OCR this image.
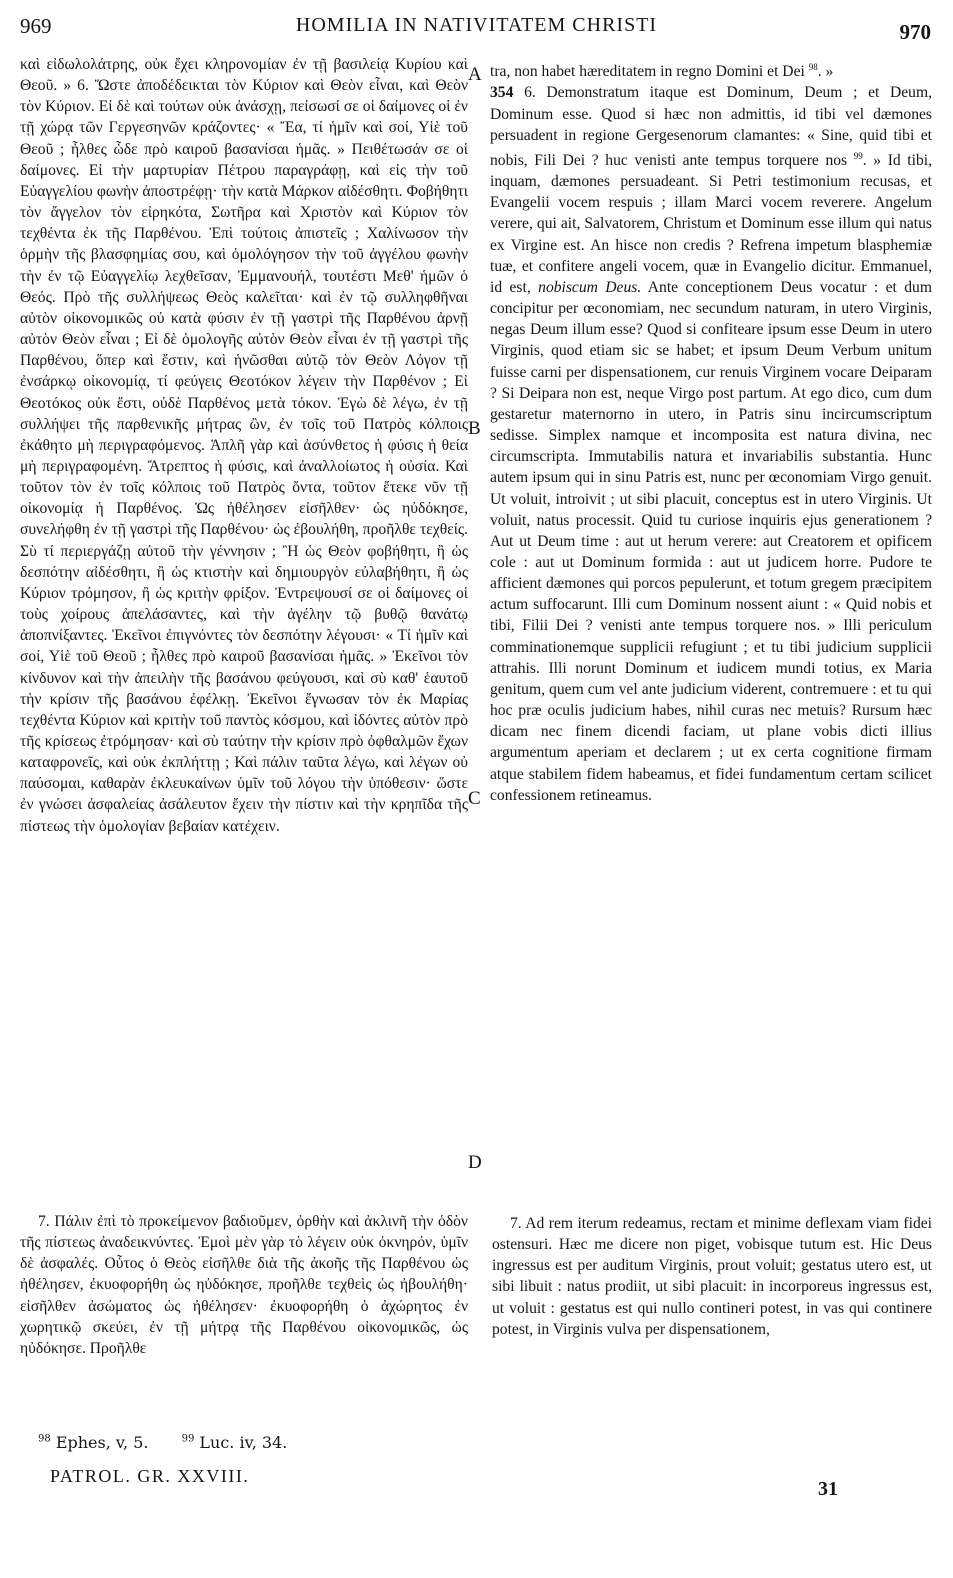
969	HOMILIA IN NATIVITATEM CHRISTI	970

καὶ εἰδωλολάτρης, οὐκ ἔχει κληρονομίαν ἐν τῇ βασιλείᾳ Κυρίου καὶ Θεοῦ. » 6. Ὥστε ἀποδέδεικται τὸν Κύριον καὶ Θεὸν εἶναι, καὶ Θεὸν τὸν Κύριον. Εἰ δὲ καὶ τούτων οὐκ ἀνάσχῃ, πείσωσί σε οἱ δαίμονες οἱ ἐν τῇ χώρᾳ τῶν Γεργεσηνῶν κράζοντες· « Ἔα, τί ἡμῖν καὶ σοί, Υἱὲ τοῦ Θεοῦ ; ἦλθες ὧδε πρὸ καιροῦ βασανίσαι ἡμᾶς. » Πειθέτωσάν σε οἱ δαίμονες. Εἰ τὴν μαρτυρίαν Πέτρου παραγράφῃ, καὶ εἰς τὴν τοῦ Εὐαγγελίου φωνὴν ἀποστρέφῃ· τὴν κατὰ Μάρκον αἰδέσθητι. Φοβήθητι τὸν ἄγγελον τὸν εἰρηκότα, Σωτῆρα καὶ Χριστὸν καὶ Κύριον τὸν τεχθέντα ἐκ τῆς Παρθένου. Ἐπὶ τούτοις ἀπιστεῖς ; Χαλίνωσον τὴν ὁρμὴν τῆς βλασφημίας σου, καὶ ὁμολόγησον τὴν τοῦ ἀγγέλου φωνὴν τὴν ἐν τῷ Εὐαγγελίῳ λεχθεῖσαν, Ἐμμανουήλ, τουτέστι Μεθ' ἡμῶν ὁ Θεός. Πρὸ τῆς συλλήψεως Θεὸς καλεῖται· καὶ ἐν τῷ συλληφθῆναι αὐτὸν οἰκονομικῶς οὐ κατὰ φύσιν ἐν τῇ γαστρὶ τῆς Παρθένου ἀρνῇ αὐτὸν Θεὸν εἶναι ; Εἰ δὲ ὁμολογῆς αὐτὸν Θεὸν εἶναι ἐν τῇ γαστρὶ τῆς Παρθένου, ὅπερ καὶ ἔστιν, καὶ ἡνῶσθαι αὐτῷ τὸν Θεὸν Λόγον τῇ ἐνσάρκῳ οἰκονομίᾳ, τί φεύγεις Θεοτόκον λέγειν τὴν Παρθένον ; Εἰ Θεοτόκος οὐκ ἔστι, οὐδὲ Παρθένος μετὰ τόκον. Ἐγὼ δὲ λέγω, ἐν τῇ συλλήψει τῆς παρθενικῆς μήτρας ὢν, ἐν τοῖς τοῦ Πατρὸς κόλποις ἐκάθητο μὴ περιγραφόμενος. Ἁπλῆ γὰρ καὶ ἀσύνθετος ἡ φύσις ἡ θεία μὴ περιγραφομένη. Ἄτρεπτος ἡ φύσις, καὶ ἀναλλοίωτος ἡ οὐσία. Καὶ τοῦτον τὸν ἐν τοῖς κόλποις τοῦ Πατρὸς ὄντα, τοῦτον ἔτεκε νῦν τῇ οἰκονομίᾳ ἡ Παρθένος. Ὡς ἠθέλησεν εἰσῆλθεν· ὡς ηὐδόκησε, συνελήφθη ἐν τῇ γαστρὶ τῆς Παρθένου· ὡς ἐβουλήθη, προῆλθε τεχθείς. Σὺ τί περιεργάζῃ αὐτοῦ τὴν γέννησιν ; Ἢ ὡς Θεὸν φοβήθητι, ἢ ὡς δεσπότην αἰδέσθητι, ἢ ὡς κτιστὴν καὶ δημιουργὸν εὐλαβήθητι, ἢ ὡς Κύριον τρόμησον, ἢ ὡς κριτὴν φρίξον. Ἐντρεψουσί σε οἱ δαίμονες οἱ τοὺς χοίρους ἀπελάσαντες, καὶ τὴν ἀγέλην τῷ βυθῷ θανάτῳ ἀποπνίξαντες. Ἐκεῖνοι ἐπιγνόντες τὸν δεσπότην λέγουσι· « Τί ἡμῖν καὶ σοί, Υἱὲ τοῦ Θεοῦ ; ἦλθες πρὸ καιροῦ βασανίσαι ἡμᾶς. » Ἐκεῖνοι τὸν κίνδυνον καὶ τὴν ἀπειλὴν τῆς βασάνου φεύγουσι, καὶ σὺ καθ' ἑαυτοῦ τὴν κρίσιν τῆς βασάνου ἐφέλκῃ. Ἐκεῖνοι ἔγνωσαν τὸν ἐκ Μαρίας τεχθέντα Κύριον καὶ κριτὴν τοῦ παντὸς κόσμου, καὶ ἰδόντες αὐτὸν πρὸ τῆς κρίσεως ἐτρόμησαν· καὶ σὺ ταύτην τὴν κρίσιν πρὸ ὀφθαλμῶν ἔχων καταφρονεῖς, καὶ οὐκ ἐκπλήττῃ ; Καὶ πάλιν ταῦτα λέγω, καὶ λέγων οὐ παύσομαι, καθαρὰν ἐκλευκαίνων ὑμῖν τοῦ λόγου τὴν ὑπόθεσιν· ὥστε ἐν γνώσει ἀσφαλείας ἀσάλευτον ἔχειν τὴν πίστιν καὶ τὴν κρηπῖδα τῆς πίστεως τὴν ὁμολογίαν βεβαίαν κατέχειν.

tra, non habet hæreditatem in regno Domini et Dei $^{98}$. »
354 6. Demonstratum itaque est Dominum, Deum ; et Deum, Dominum esse. Quod si hæc non admittis, id tibi vel dæmones persuadent in regione Gergesenorum clamantes: « Sine, quid tibi et nobis, Fili Dei ? huc venisti ante tempus torquere nos $^{99}$. » Id tibi, inquam, dæmones persuadeant. Si Petri testimonium recusas, et Evangelii vocem respuis ; illam Marci vocem reverere. Angelum verere, qui ait, Salvatorem, Christum et Dominum esse illum qui natus ex Virgine est. An hisce non credis ? Refrena impetum blasphemiæ tuæ, et confitere angeli vocem, quæ in Evangelio dicitur. Emmanuel, id est, nobiscum Deus. Ante conceptionem Deus vocatur : et dum concipitur per œconomiam, nec secundum naturam, in utero Virginis, negas Deum illum esse? Quod si confiteare ipsum esse Deum in utero Virginis, quod etiam sic se habet; et ipsum Deum Verbum unitum fuisse carni per dispensationem, cur renuis Virginem vocare Deiparam ? Si Deipara non est, neque Virgo post partum. At ego dico, cum dum gestaretur maternorno in utero, in Patris sinu incircumscriptum sedisse. Simplex namque et incomposita est natura divina, nec circumscripta. Immutabilis natura et invariabilis substantia. Hunc autem ipsum qui in sinu Patris est, nunc per œconomiam Virgo genuit. Ut voluit, introivit ; ut sibi placuit, conceptus est in utero Virginis. Ut voluit, natus processit. Quid tu curiose inquiris ejus generationem ? Aut ut Deum time : aut ut herum verere: aut Creatorem et opificem cole : aut ut Dominum formida : aut ut judicem horre. Pudore te afficient dæmones qui porcos pepulerunt, et totum gregem præcipitem actum suffocarunt. Illi cum Dominum nossent aiunt : « Quid nobis et tibi, Filii Dei ? venisti ante tempus torquere nos. » Illi periculum comminationemque supplicii refugiunt ; et tu tibi judicium supplicii attrahis. Illi norunt Dominum et iudicem mundi totius, ex Maria genitum, quem cum vel ante judicium viderent, contremuere : et tu qui hoc præ oculis judicium habes, nihil curas nec metuis? Rursum hæc dicam nec finem dicendi faciam, ut plane vobis dicti illius argumentum aperiam et declarem ; ut ex certa cognitione firmam atque stabilem fidem habeamus, et fidei fundamentum certam scilicet confessionem retineamus.

A
B
C
D

7. Πάλιν ἐπὶ τὸ προκείμενον βαδιοῦμεν, ὀρθὴν καὶ ἀκλινῆ τὴν ὁδὸν τῆς πίστεως ἀναδεικνύντες. Ἐμοὶ μὲν γὰρ τὸ λέγειν οὐκ ὀκνηρόν, ὑμῖν δὲ ἀσφαλές. Οὗτος ὁ Θεὸς εἰσῆλθε διὰ τῆς ἀκοῆς τῆς Παρθένου ὡς ἠθέλησεν, ἐκυοφορήθη ὡς ηὐδόκησε, προῆλθε τεχθεὶς ὡς ἠβουλήθη· εἰσῆλθεν ἀσώματος ὡς ἠθέλησεν· ἐκυοφορήθη ὁ ἀχώρητος ἐν χωρητικῷ σκεύει, ἐν τῇ μήτρᾳ τῆς Παρθένου οἰκονομικῶς, ὡς ηὐδόκησε. Προῆλθε

7. Ad rem iterum redeamus, rectam et minime deflexam viam fidei ostensuri. Hæc me dicere non piget, vobisque tutum est. Hic Deus ingressus est per auditum Virginis, prout voluit; gestatus utero est, ut sibi libuit : natus prodiit, ut sibi placuit: in incorporeus ingressus est, ut voluit : gestatus est qui nullo contineri potest, in vas qui continere potest, in Virginis vulva per dispensationem,

$^{98}$ Ephes, v, 5.	$^{99}$ Luc. iv, 34.
PATROL. GR. XXVIII.
31
